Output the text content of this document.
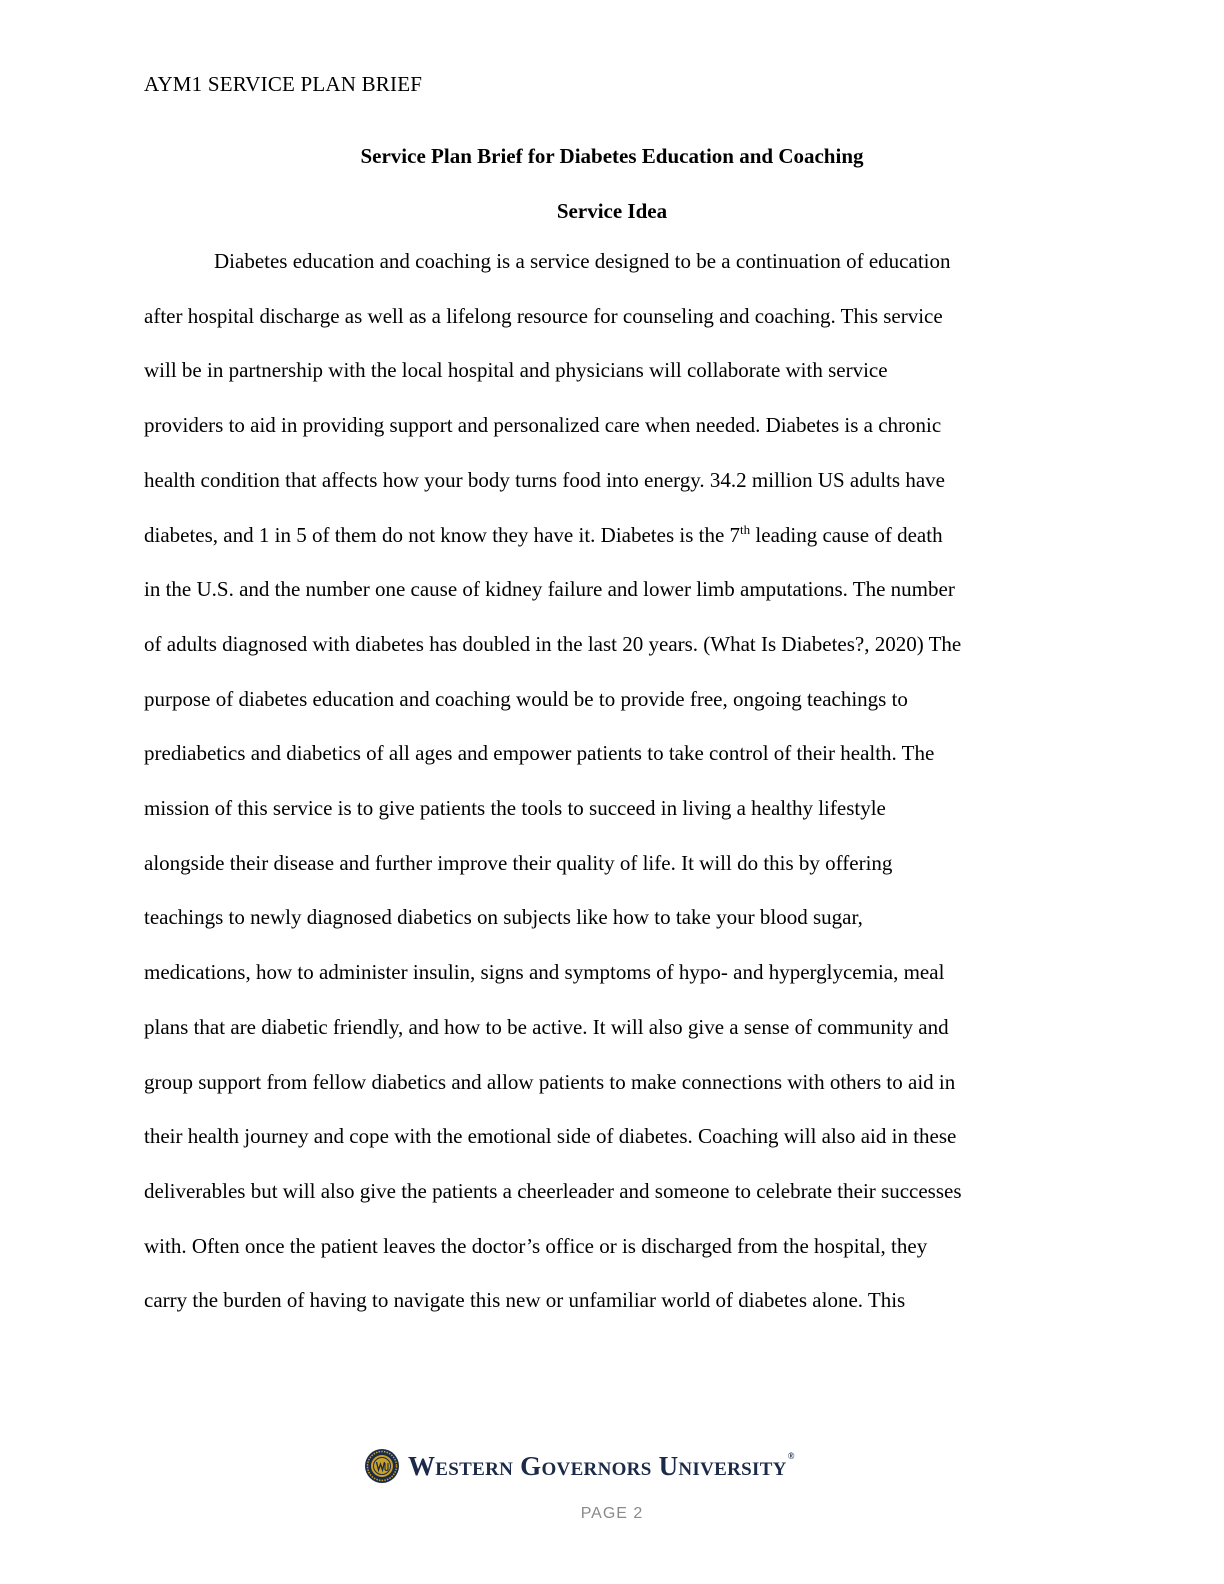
AYM1 SERVICE PLAN BRIEF
Service Plan Brief for Diabetes Education and Coaching
Service Idea
Diabetes education and coaching is a service designed to be a continuation of education
after hospital discharge as well as a lifelong resource for counseling and coaching. This service
will be in partnership with the local hospital and physicians will collaborate with service
providers to aid in providing support and personalized care when needed. Diabetes is a chronic
health condition that affects how your body turns food into energy. 34.2 million US adults have
diabetes, and 1 in 5 of them do not know they have it. Diabetes is the 7th leading cause of death
in the U.S. and the number one cause of kidney failure and lower limb amputations. The number
of adults diagnosed with diabetes has doubled in the last 20 years. (What Is Diabetes?, 2020) The
purpose of diabetes education and coaching would be to provide free, ongoing teachings to
prediabetics and diabetics of all ages and empower patients to take control of their health. The
mission of this service is to give patients the tools to succeed in living a healthy lifestyle
alongside their disease and further improve their quality of life. It will do this by offering
teachings to newly diagnosed diabetics on subjects like how to take your blood sugar,
medications, how to administer insulin, signs and symptoms of hypo- and hyperglycemia, meal
plans that are diabetic friendly, and how to be active. It will also give a sense of community and
group support from fellow diabetics and allow patients to make connections with others to aid in
their health journey and cope with the emotional side of diabetes. Coaching will also aid in these
deliverables but will also give the patients a cheerleader and someone to celebrate their successes
with. Often once the patient leaves the doctor’s office or is discharged from the hospital, they
carry the burden of having to navigate this new or unfamiliar world of diabetes alone. This
Western Governors University®
PAGE 2
